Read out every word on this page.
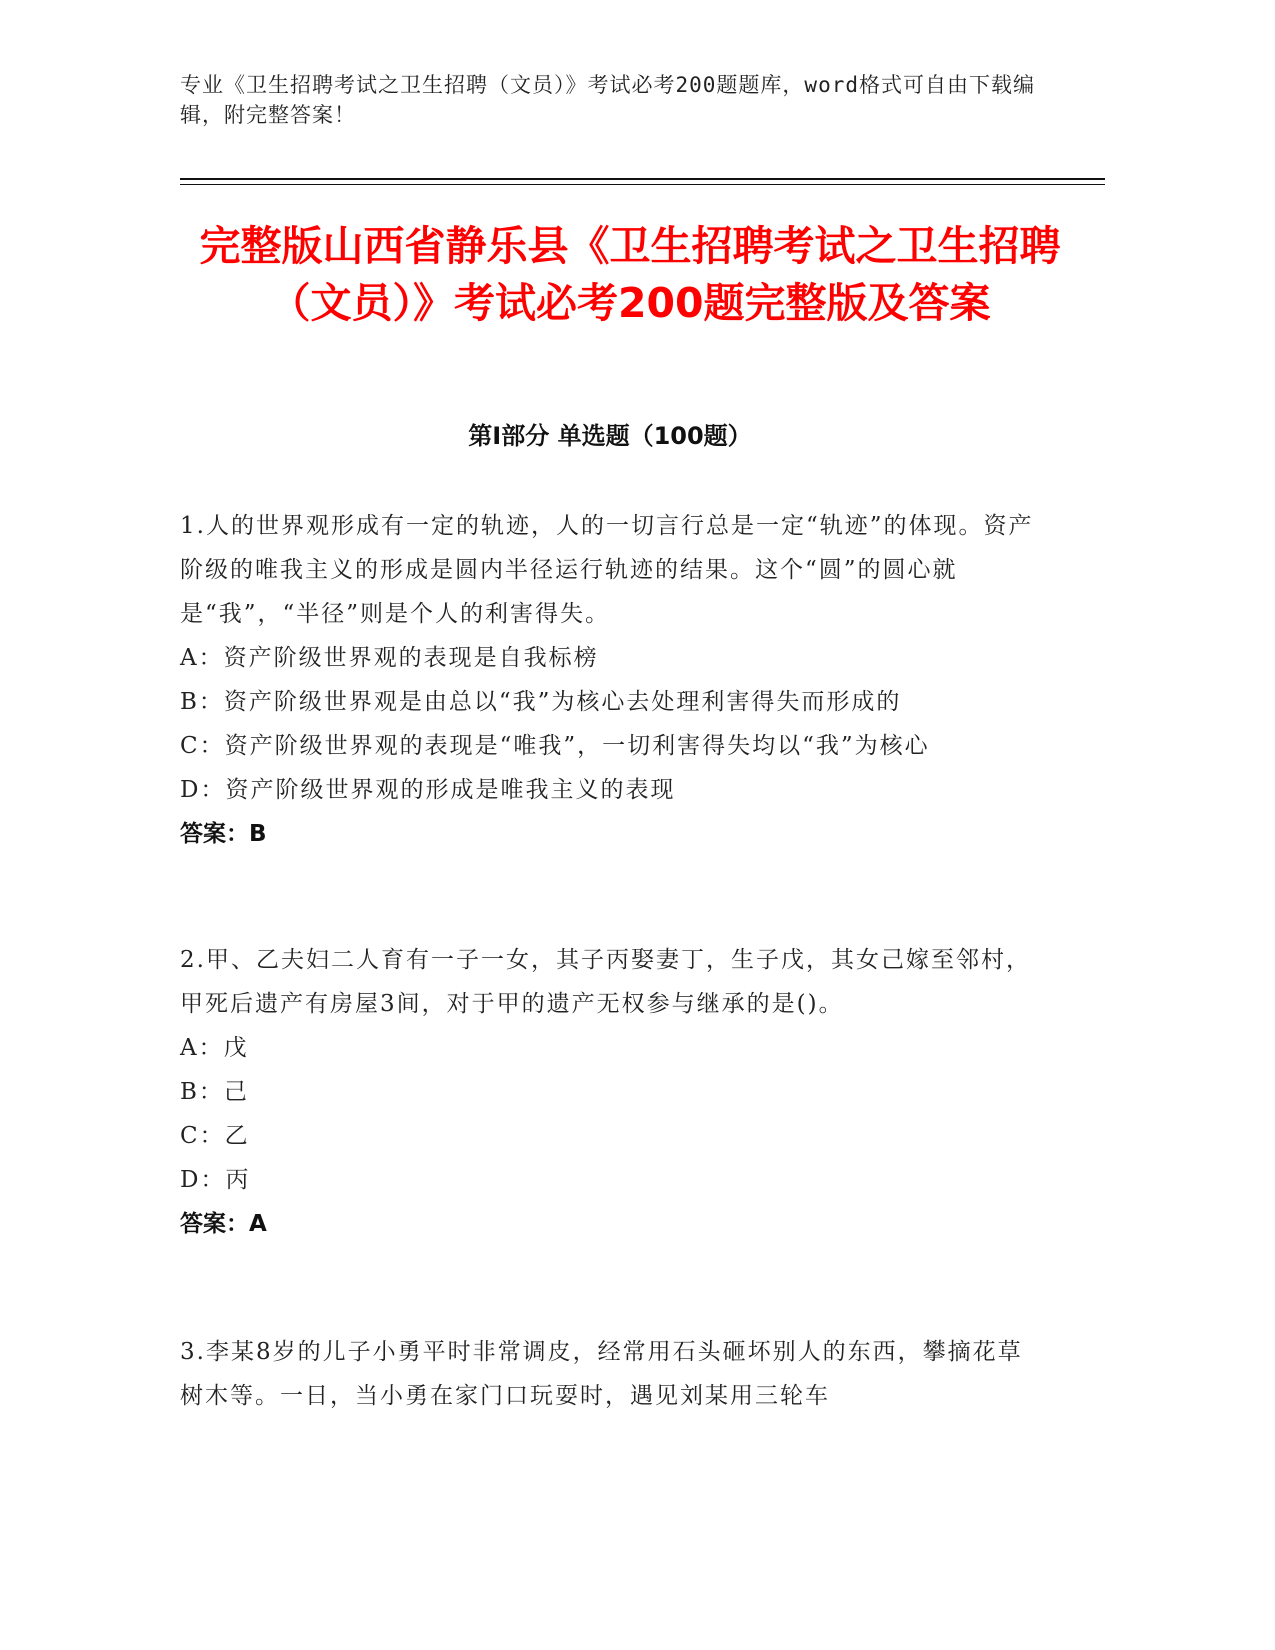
专业《卫生招聘考试之卫生招聘（文员）》考试必考200题题库，word格式可自由下载编辑，附完整答案！
完整版山西省静乐县《卫生招聘考试之卫生招聘（文员）》考试必考200题完整版及答案
第I部分 单选题（100题）
1.人的世界观形成有一定的轨迹，人的一切言行总是一定“轨迹”的体现。资产阶级的唯我主义的形成是圆内半径运行轨迹的结果。这个“圆”的圆心就是“我”，“半径”则是个人的利害得失。
A：资产阶级世界观的表现是自我标榜
B：资产阶级世界观是由总以“我”为核心去处理利害得失而形成的
C：资产阶级世界观的表现是“唯我”，一切利害得失均以“我”为核心
D：资产阶级世界观的形成是唯我主义的表现
答案：B
2.甲、乙夫妇二人育有一子一女，其子丙娶妻丁，生子戊，其女己嫁至邻村，甲死后遗产有房屋3间，对于甲的遗产无权参与继承的是()。
A：戊
B：己
C：乙
D：丙
答案：A
3.李某8岁的儿子小勇平时非常调皮，经常用石头砸坏别人的东西，攀摘花草树木等。一日，当小勇在家门口玩耍时，遇见刘某用三轮车
